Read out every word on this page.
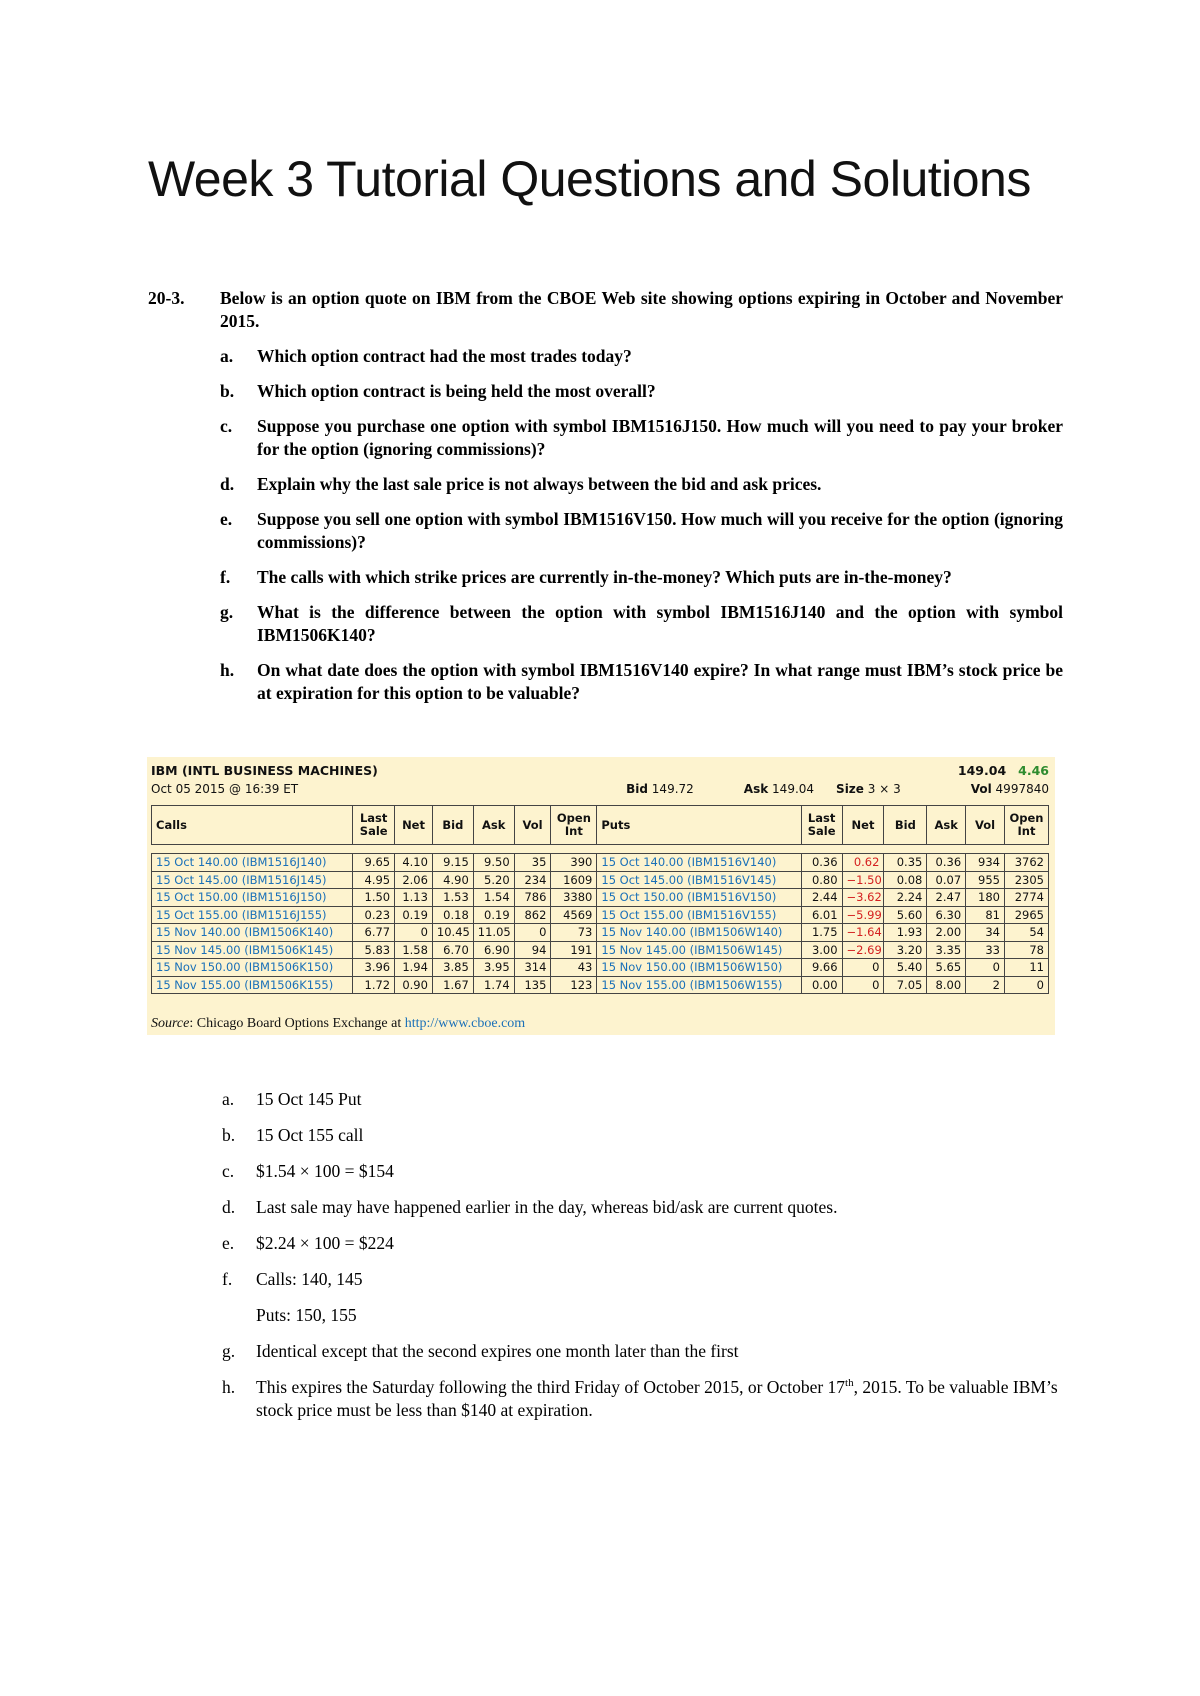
Week 3 Tutorial Questions and Solutions
20-3.	Below is an option quote on IBM from the CBOE Web site showing options expiring in October and November 2015.
a.	Which option contract had the most trades today?
b.	Which option contract is being held the most overall?
c.	Suppose you purchase one option with symbol IBM1516J150. How much will you need to pay your broker for the option (ignoring commissions)?
d.	Explain why the last sale price is not always between the bid and ask prices.
e.	Suppose you sell one option with symbol IBM1516V150. How much will you receive for the option (ignoring commissions)?
f.	The calls with which strike prices are currently in-the-money? Which puts are in-the-money?
g.	What is the difference between the option with symbol IBM1516J140 and the option with symbol IBM1506K140?
h.	On what date does the option with symbol IBM1516V140 expire? In what range must IBM’s stock price be at expiration for this option to be valuable?
IBM (INTL BUSINESS MACHINES)	149.04 4.46
Oct 05 2015 @ 16:39 ET	Bid 149.72	Ask 149.04 Size 3 × 3	Vol 4997840
Calls	Last Sale	Net	Bid	Ask	Vol	Open Int	Puts	Last Sale	Net	Bid	Ask	Vol	Open Int

15 Oct 140.00 (IBM1516J140)	9.65	4.10	9.15	9.50	35	390	15 Oct 140.00 (IBM1516V140)	0.36	0.62	0.35	0.36	934	3762
15 Oct 145.00 (IBM1516J145)	4.95	2.06	4.90	5.20	234	1609	15 Oct 145.00 (IBM1516V145)	0.80	−1.50	0.08	0.07	955	2305
15 Oct 150.00 (IBM1516J150)	1.50	1.13	1.53	1.54	786	3380	15 Oct 150.00 (IBM1516V150)	2.44	−3.62	2.24	2.47	180	2774
15 Oct 155.00 (IBM1516J155)	0.23	0.19	0.18	0.19	862	4569	15 Oct 155.00 (IBM1516V155)	6.01	−5.99	5.60	6.30	81	2965
15 Nov 140.00 (IBM1506K140)	6.77	0	10.45	11.05	0	73	15 Nov 140.00 (IBM1506W140)	1.75	−1.64	1.93	2.00	34	54
15 Nov 145.00 (IBM1506K145)	5.83	1.58	6.70	6.90	94	191	15 Nov 145.00 (IBM1506W145)	3.00	−2.69	3.20	3.35	33	78
15 Nov 150.00 (IBM1506K150)	3.96	1.94	3.85	3.95	314	43	15 Nov 150.00 (IBM1506W150)	9.66	0	5.40	5.65	0	11
15 Nov 155.00 (IBM1506K155)	1.72	0.90	1.67	1.74	135	123	15 Nov 155.00 (IBM1506W155)	0.00	0	7.05	8.00	2	0
Source: Chicago Board Options Exchange at http://www.cboe.com
a.	15 Oct 145 Put
b.	15 Oct 155 call
c.	$1.54 × 100 = $154
d.	Last sale may have happened earlier in the day, whereas bid/ask are current quotes.
e.	$2.24 × 100 = $224
f.	Calls: 140, 145
Puts: 150, 155
g.	Identical except that the second expires one month later than the first
h.	This expires the Saturday following the third Friday of October 2015, or October 17th, 2015. To be valuable IBM’s stock price must be less than $140 at expiration.
